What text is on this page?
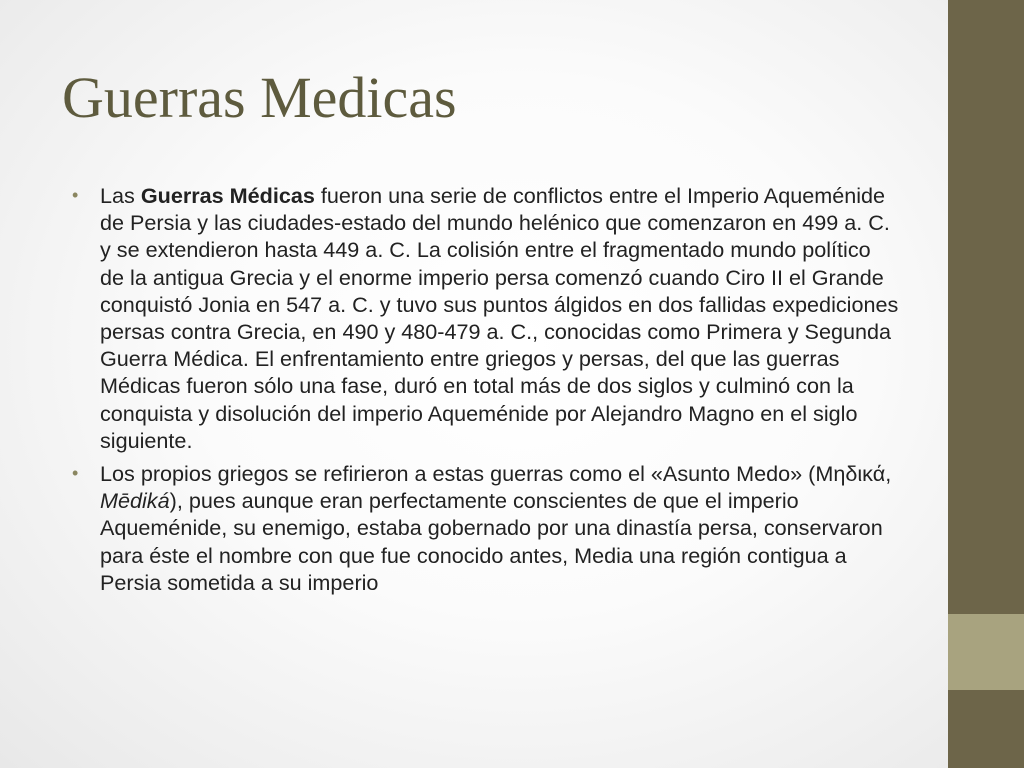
Guerras Medicas
• Las Guerras Médicas fueron una serie de conflictos entre el Imperio Aqueménide de Persia y las ciudades-estado del mundo helénico que comenzaron en 499 a. C. y se extendieron hasta 449 a. C. La colisión entre el fragmentado mundo político de la antigua Grecia y el enorme imperio persa comenzó cuando Ciro II el Grande conquistó Jonia en 547 a. C. y tuvo sus puntos álgidos en dos fallidas expediciones persas contra Grecia, en 490 y 480-479 a. C., conocidas como Primera y Segunda Guerra Médica. El enfrentamiento entre griegos y persas, del que las guerras Médicas fueron sólo una fase, duró en total más de dos siglos y culminó con la conquista y disolución del imperio Aqueménide por Alejandro Magno en el siglo siguiente.
• Los propios griegos se refirieron a estas guerras como el «Asunto Medo» (Μηδικά, Mēdiká), pues aunque eran perfectamente conscientes de que el imperio Aqueménide, su enemigo, estaba gobernado por una dinastía persa, conservaron para éste el nombre con que fue conocido antes, Media una región contigua a Persia sometida a su imperio
